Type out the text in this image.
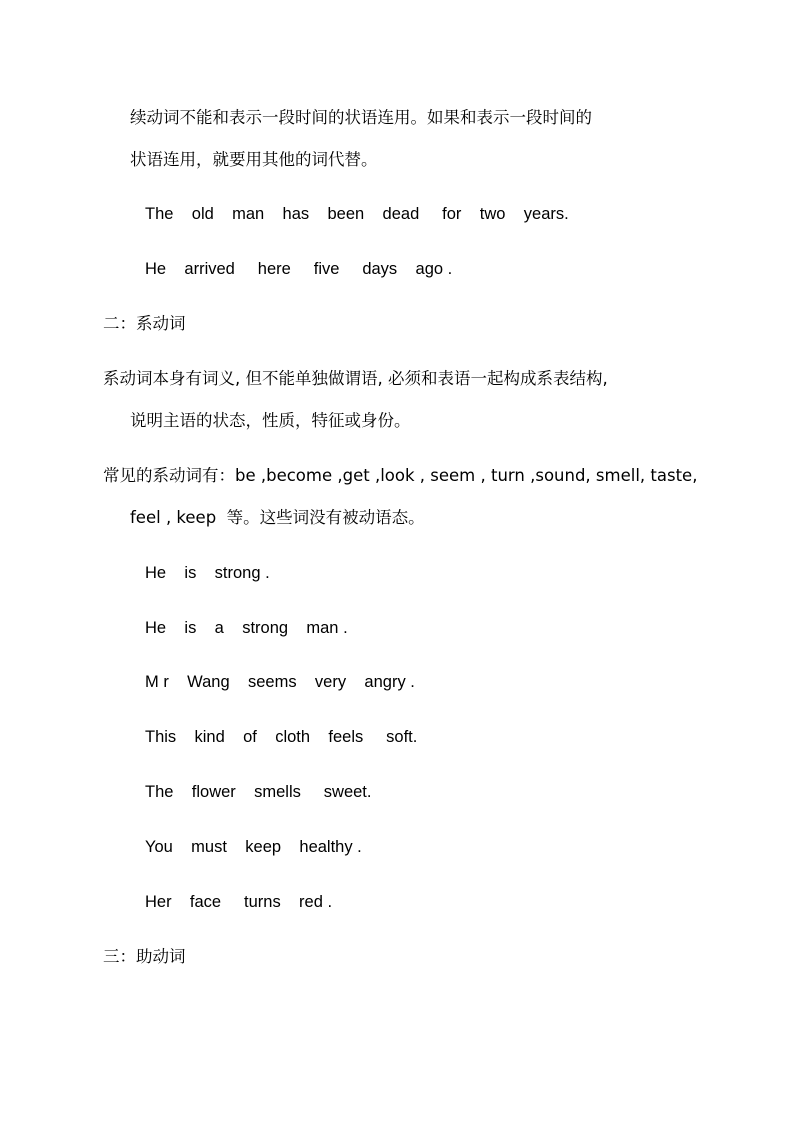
续动词不能和表示一段时间的状语连用。如果和表示一段时间的

状语连用，就要用其他的词代替。

The    old    man    has    been    dead     for    two    years.

He    arrived     here     five     days    ago .

二：系动词

系动词本身有词义, 但不能单独做谓语, 必须和表语一起构成系表结构,

说明主语的状态，性质，特征或身份。

常见的系动词有：be ,become ,get ,look , seem , turn ,sound, smell, taste,

feel , keep  等。这些词没有被动语态。

He    is    strong .

He    is    a    strong    man .

M r    Wang    seems    very    angry .

This    kind    of    cloth    feels     soft.

The    flower    smells     sweet.

You    must    keep    healthy .

Her    face     turns    red .

三：助动词
